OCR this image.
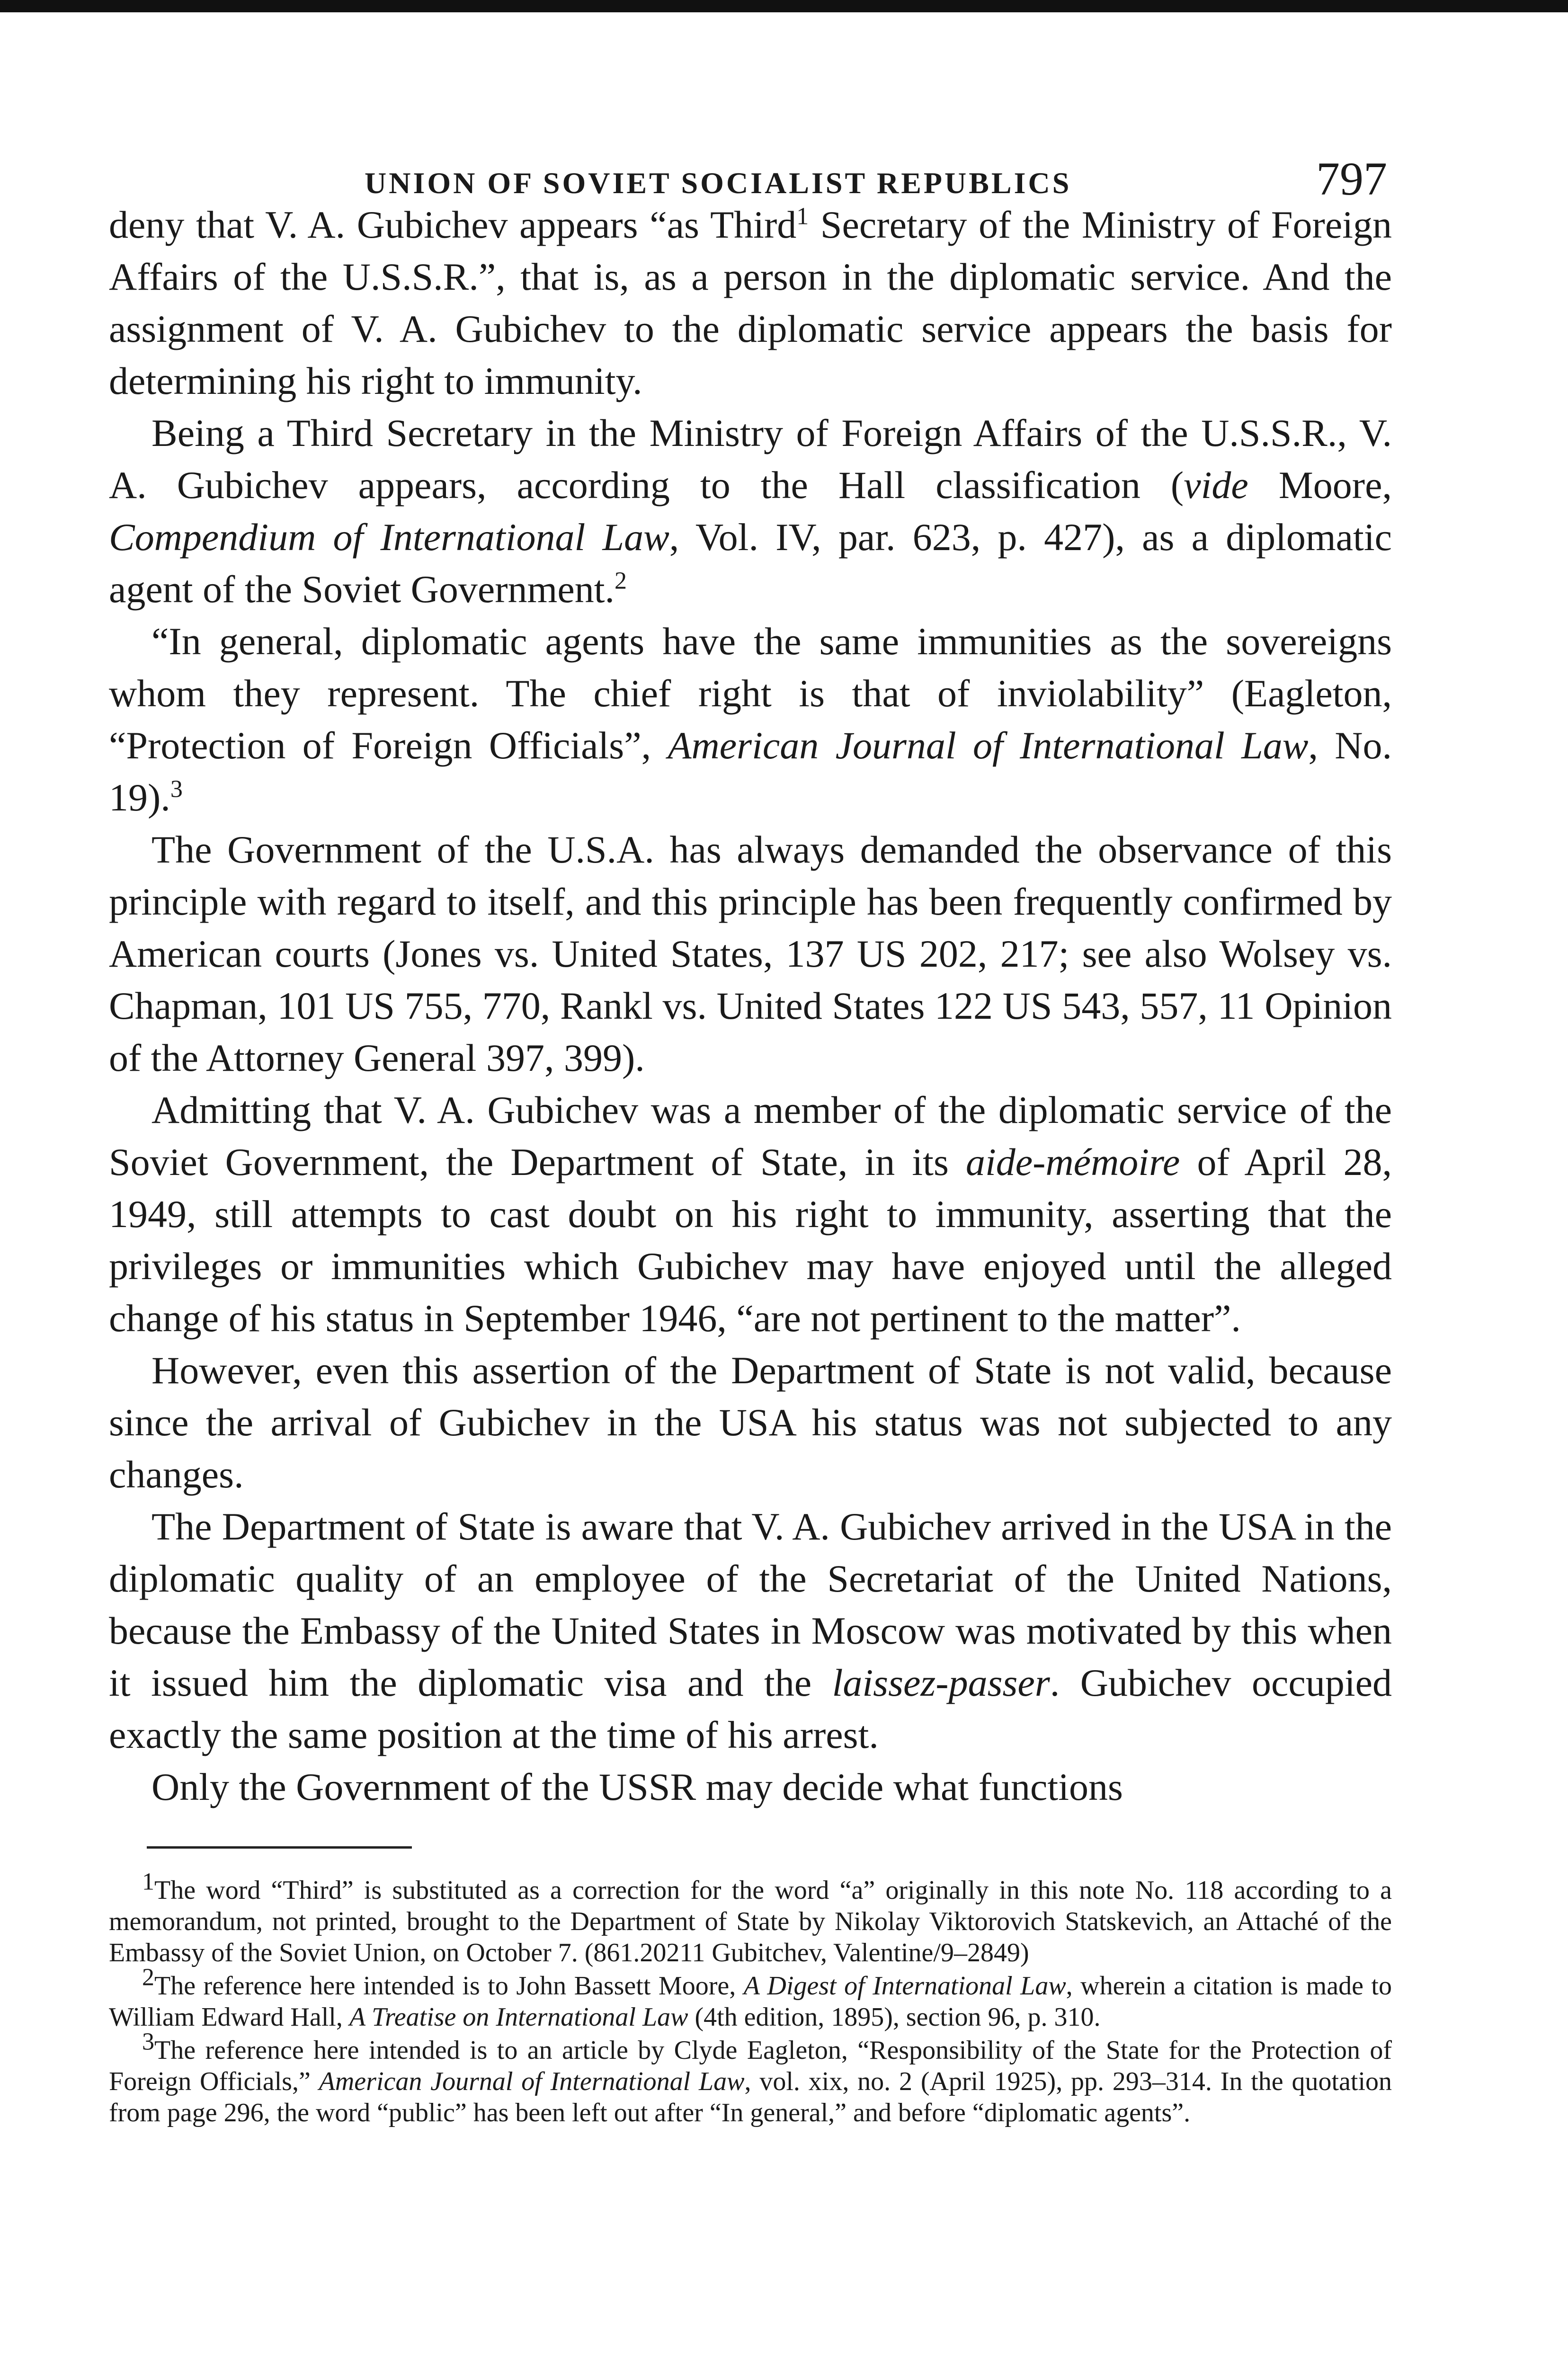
UNION OF SOVIET SOCIALIST REPUBLICS	797

deny that V. A. Gubichev appears “as Third$^1$ Secretary of the Ministry of Foreign Affairs of the U.S.S.R.”, that is, as a person in the diplomatic service. And the assignment of V. A. Gubichev to the diplomatic service appears the basis for determining his right to immunity.

Being a Third Secretary in the Ministry of Foreign Affairs of the U.S.S.R., V. A. Gubichev appears, according to the Hall classification (vide Moore, Compendium of International Law, Vol. IV, par. 623, p. 427), as a diplomatic agent of the Soviet Government.$^2$

“In general, diplomatic agents have the same immunities as the sovereigns whom they represent. The chief right is that of inviolability” (Eagleton, “Protection of Foreign Officials”, American Journal of International Law, No. 19).$^3$

The Government of the U.S.A. has always demanded the observance of this principle with regard to itself, and this principle has been frequently confirmed by American courts (Jones vs. United States, 137 US 202, 217; see also Wolsey vs. Chapman, 101 US 755, 770, Rankl vs. United States 122 US 543, 557, 11 Opinion of the Attorney General 397, 399).

Admitting that V. A. Gubichev was a member of the diplomatic service of the Soviet Government, the Department of State, in its aide-mémoire of April 28, 1949, still attempts to cast doubt on his right to immunity, asserting that the privileges or immunities which Gubichev may have enjoyed until the alleged change of his status in September 1946, “are not pertinent to the matter”.

However, even this assertion of the Department of State is not valid, because since the arrival of Gubichev in the USA his status was not subjected to any changes.

The Department of State is aware that V. A. Gubichev arrived in the USA in the diplomatic quality of an employee of the Secretariat of the United Nations, because the Embassy of the United States in Moscow was motivated by this when it issued him the diplomatic visa and the laissez-passer. Gubichev occupied exactly the same position at the time of his arrest.

Only the Government of the USSR may decide what functions

$^1$The word “Third” is substituted as a correction for the word “a” originally in this note No. 118 according to a memorandum, not printed, brought to the Department of State by Nikolay Viktorovich Statskevich, an Attaché of the Embassy of the Soviet Union, on October 7. (861.20211 Gubitchev, Valentine/9–2849)

$^2$The reference here intended is to John Bassett Moore, A Digest of International Law, wherein a citation is made to William Edward Hall, A Treatise on International Law (4th edition, 1895), section 96, p. 310.

$^3$The reference here intended is to an article by Clyde Eagleton, “Responsibility of the State for the Protection of Foreign Officials,” American Journal of International Law, vol. xix, no. 2 (April 1925), pp. 293–314. In the quotation from page 296, the word “public” has been left out after “In general,” and before “diplomatic agents”.
